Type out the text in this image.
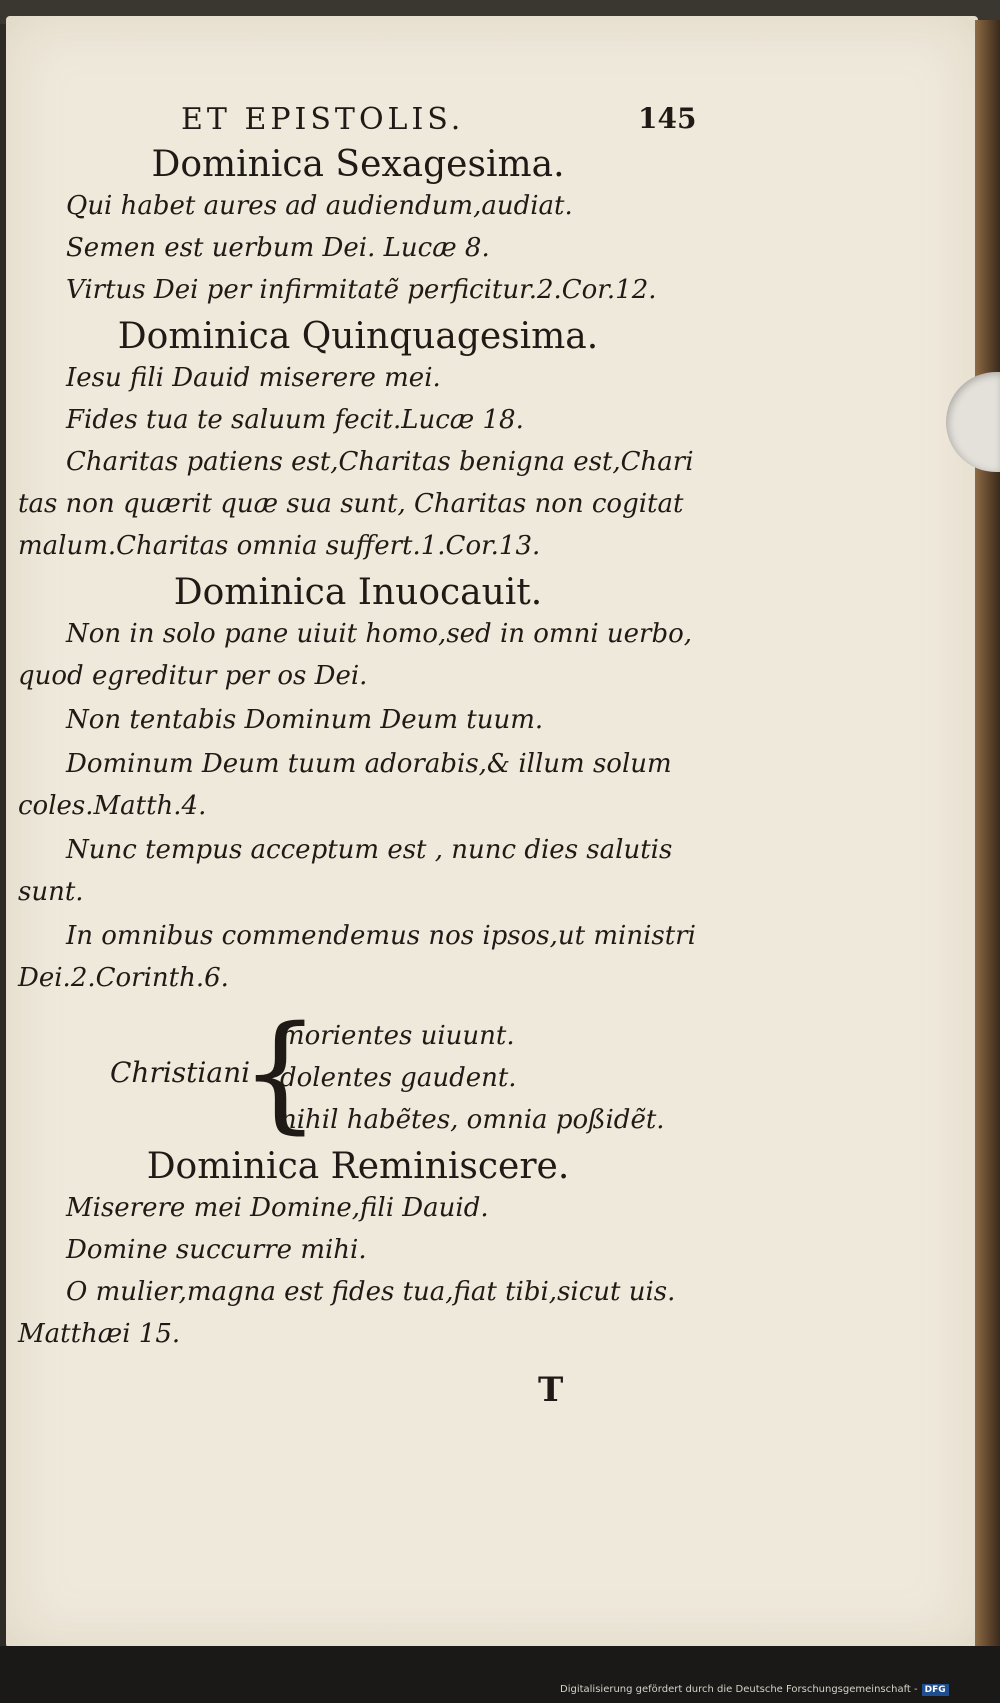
ET EPISTOLIS.	145
Dominica Sexagesima.
Qui habet aures ad audiendum,audiat.
Semen est uerbum Dei. Lucæ 8.
Virtus Dei per infirmitatẽ perficitur.2.Cor.12.
Dominica Quinquagesima.
Iesu fili Dauid miserere mei.
Fides tua te saluum fecit.Lucæ 18.
Charitas patiens est,Charitas benigna est,Chari
tas non quærit quæ sua sunt, Charitas non cogitat
malum.Charitas omnia suffert.1.Cor.13.
Dominica Inuocauit.
Non in solo pane uiuit homo,sed in omni uerbo,
quod egreditur per os Dei.
Non tentabis Dominum Deum tuum.
Dominum Deum tuum adorabis,& illum solum
coles.Matth.4.
Nunc tempus acceptum est , nunc dies salutis
sunt.
In omnibus commendemus nos ipsos,ut ministri
Dei.2.Corinth.6.
Christiani
{
morientes uiuunt.
dolentes gaudent.
nihil habẽtes, omnia poßidẽt.
Dominica Reminiscere.
Miserere mei Domine,fili Dauid.
Domine succurre mihi.
O mulier,magna est fides tua,fiat tibi,sicut uis.
Matthæi 15.
T
Digitalisierung gefördert durch die Deutsche Forschungsgemeinschaft - DFG
